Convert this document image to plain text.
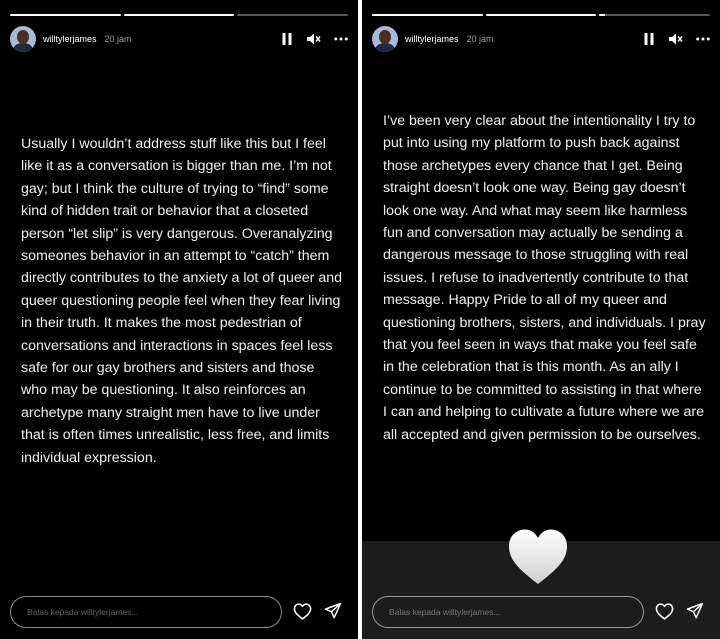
willtylerjames 20 jam

Usually I wouldn’t address stuff like this but I feel like it as a conversation is bigger than me. I’m not gay; but I think the culture of trying to “find” some kind of hidden trait or behavior that a closeted person “let slip” is very dangerous. Overanalyzing someones behavior in an attempt to “catch” them directly contributes to the anxiety a lot of queer and queer questioning people feel when they fear living in their truth. It makes the most pedestrian of conversations and interactions in spaces feel less safe for our gay brothers and sisters and those who may be questioning. It also reinforces an archetype many straight men have to live under that is often times unrealistic, less free, and limits individual expression.

Balas kepada willtylerjames...
willtylerjames 20 jam

I’ve been very clear about the intentionality I try to put into using my platform to push back against those archetypes every chance that I get. Being straight doesn’t look one way. Being gay doesn’t look one way. And what may seem like harmless fun and conversation may actually be sending a dangerous message to those struggling with real issues. I refuse to inadvertently contribute to that message. Happy Pride to all of my queer and questioning brothers, sisters, and individuals. I pray that you feel seen in ways that make you feel safe in the celebration that is this month. As an ally I continue to be committed to assisting in that where I can and helping to cultivate a future where we are all accepted and given permission to be ourselves.

Balas kepada willtylerjames...
